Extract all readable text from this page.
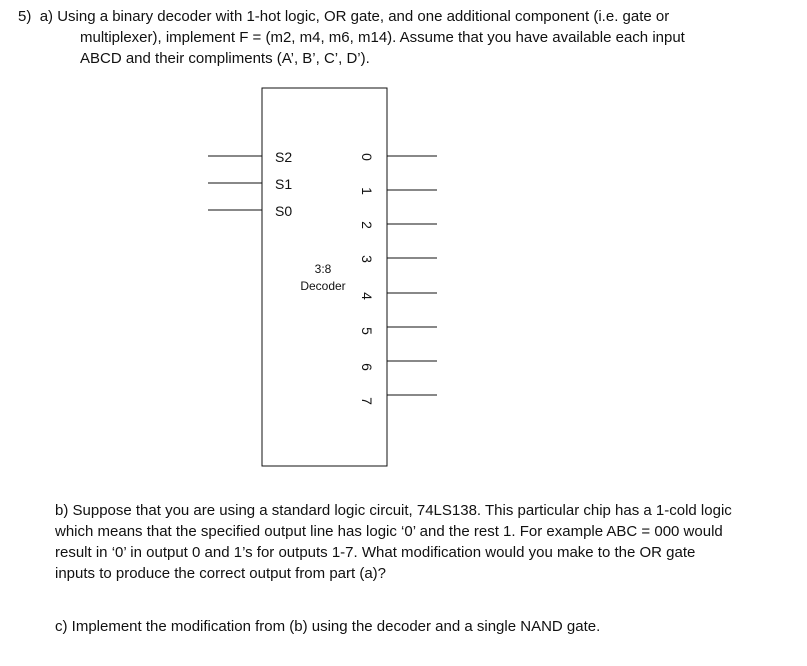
5) a) Using a binary decoder with 1-hot logic, OR gate, and one additional component (i.e. gate or
multiplexer), implement F = (m2, m4, m6, m14). Assume that you have available each input
ABCD and their compliments (A’, B’, C’, D’).
S2
S1
S0
0
1
2
3
4
5
6
7
3:8
Decoder
b) Suppose that you are using a standard logic circuit, 74LS138. This particular chip has a 1-cold logic
which means that the specified output line has logic ‘0’ and the rest 1. For example ABC = 000 would
result in ‘0’ in output 0 and 1’s for outputs 1-7. What modification would you make to the OR gate
inputs to produce the correct output from part (a)?
c) Implement the modification from (b) using the decoder and a single NAND gate.
